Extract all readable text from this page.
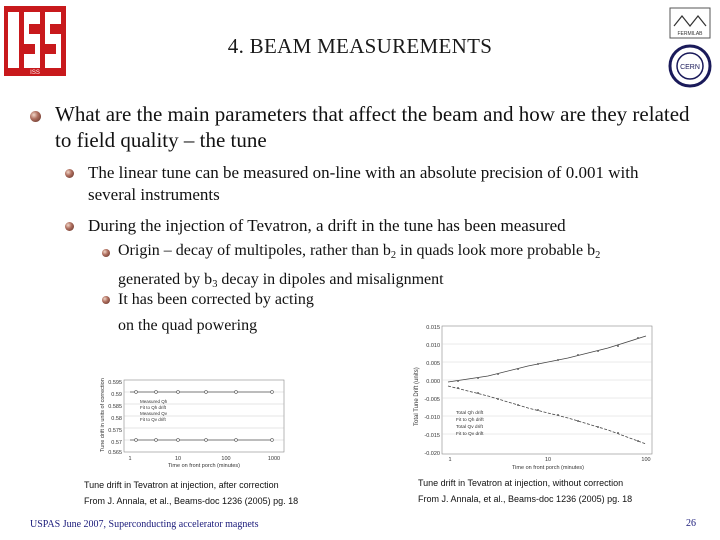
ISS
FERMILAB
CERN
4. BEAM MEASUREMENTS
What are the main parameters that affect the beam and how are they related to field quality – the tune
The linear tune can be measured on-line with an absolute precision of 0.001 with several instruments
During the injection of Tevatron, a drift in the tune has been measured
Origin – decay of multipoles, rather than $b_2$ in quads look more probable $b_2$
generated by $b_3$ decay in dipoles and misalignment
It has been corrected by acting
on the quad powering
Tune drift in units of correction 0.595
0.59
0.585
0.58
0.575
0.57
0.565
1	10	100	1000
Time on front porch (minutes)
Measured Qh
Fit to Qh drift
Measured Qv
Fit to Qv drift	Total Tune Drift (units)
0.015
0.010
0.005
0.000
-0.005
-0.010
-0.015
-0.020
1	10	100
Time on front porch (minutes)
Total Qh drift
Fit to Qh drift
Total Qv drift
Fit to Qv drift
Tune drift in Tevatron at injection, after correction
From J. Annala, et al., Beams-doc 1236 (2005) pg. 18
Tune drift in Tevatron at injection, without correction
From J. Annala, et al., Beams-doc 1236 (2005) pg. 18
USPAS June 2007, Superconducting accelerator magnets	26
